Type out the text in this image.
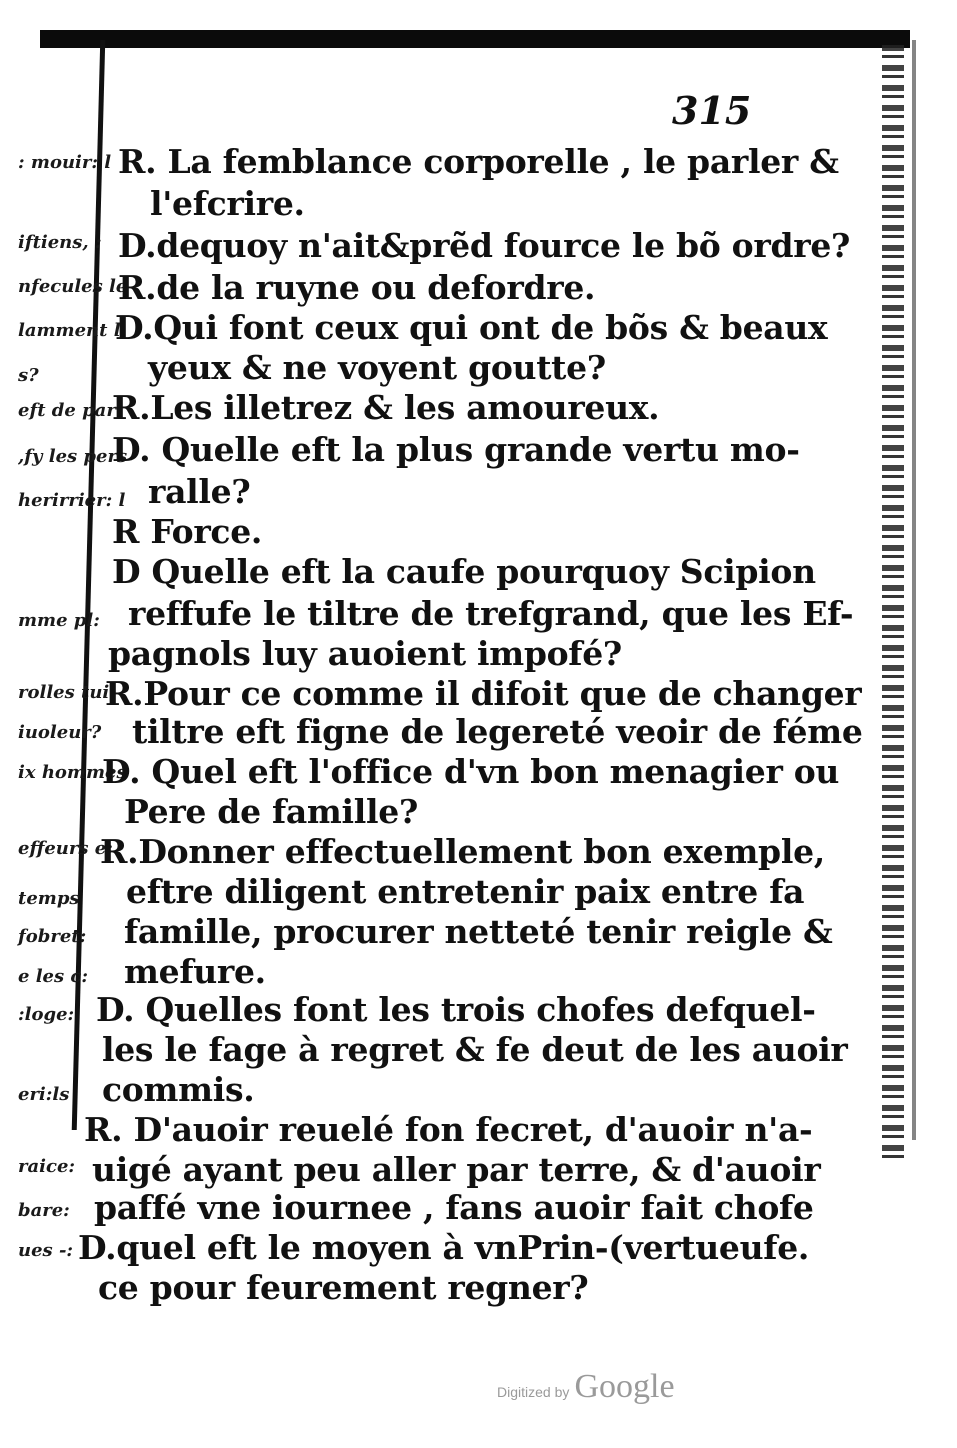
315
: mouir: l
iftiens, :
nfecules le
lamment l
s?
eft de par
,fy les pers
herirrier: l
mme pl:
rolles tui
iuoleur?
ix hommes
effeurs e:
temps
fobret:
e les c:
:loge:
eri:ls
raice:
bare:
ues -:
R. La femblance corporelle , le parler &
l'efcrire.
D.dequoy n'ait&prẽd fource le bõ ordre?
R.de la ruyne ou defordre.
D.Qui font ceux qui ont de bõs & beaux
yeux & ne voyent goutte?
R.Les illetrez & les amoureux.
D. Quelle eft la plus grande vertu mo-
ralle?
R Force.
D Quelle eft la caufe pourquoy Scipion
reffufe le tiltre de trefgrand, que les Ef-
pagnols luy auoient impofé?
R.Pour ce comme il difoit que de changer
tiltre eft figne de legereté veoir de féme
D. Quel eft l'office d'vn bon menagier ou
Pere de famille?
R.Donner effectuellement bon exemple,
eftre diligent entretenir paix entre fa
famille, procurer netteté tenir reigle &
mefure.
D. Quelles font les trois chofes defquel-
les le fage à regret & fe deut de les auoir
commis.
R. D'auoir reuelé fon fecret, d'auoir n'a-
uigé ayant peu aller par terre, & d'auoir
paffé vne iournee , fans auoir fait chofe
D.quel eft le moyen à vnPrin-(vertueufe.
ce pour feurement regner?
Digitized by Google
